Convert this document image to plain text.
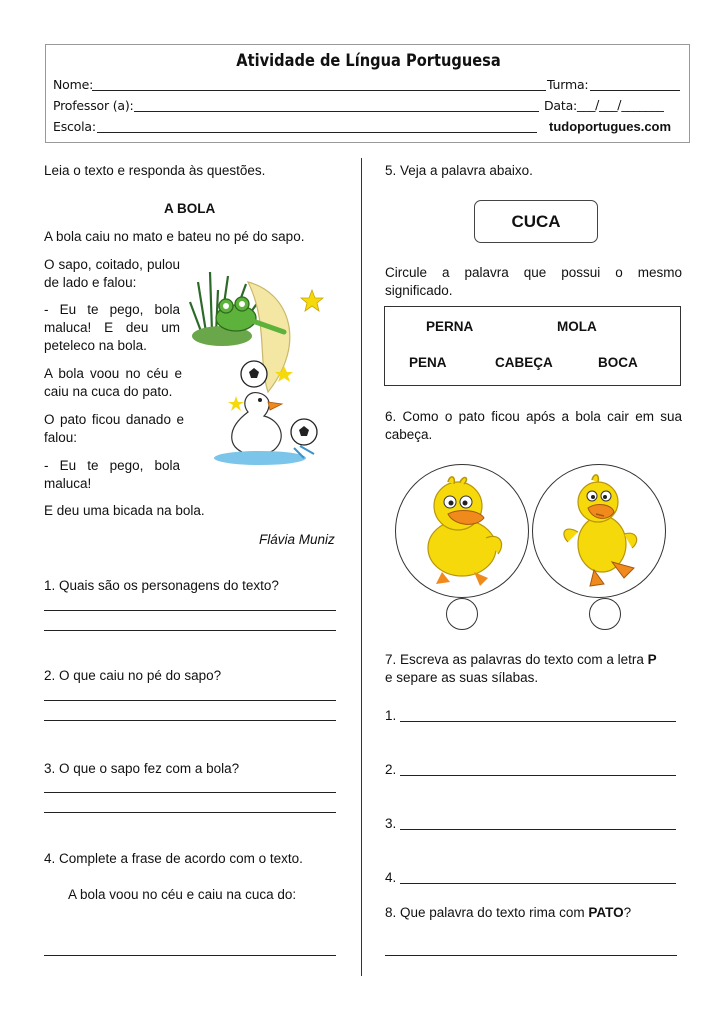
Atividade de Língua Portuguesa
Nome:	Turma:
Professor (a):	Data: ___/___/_______
Escola:	tudoportugues.com
Leia o texto e responda às questões.
A BOLA
A bola caiu no mato e bateu no pé do sapo.
O sapo, coitado, pulou de lado e falou:
- Eu te pego, bola maluca! E deu um peteleco na bola.
A bola voou no céu e caiu na cuca do pato.
O pato ficou danado e falou:
- Eu te pego, bola maluca!
E deu uma bicada na bola.
Flávia Muniz
1. Quais são os personagens do texto?
2. O que caiu no pé do sapo?
3. O que o sapo fez com a bola?
4. Complete a frase de acordo com o texto.
A bola voou no céu e caiu na cuca do:
5. Veja a palavra abaixo.
CUCA
Circule a palavra que possui o mesmo significado.
PERNA	MOLA
PENA	CABEÇA	BOCA
6. Como o pato ficou após a bola cair em sua cabeça.
7. Escreva as palavras do texto com a letra P
e separe as suas sílabas.
1.
2.
3.
4.
8. Que palavra do texto rima com PATO?
